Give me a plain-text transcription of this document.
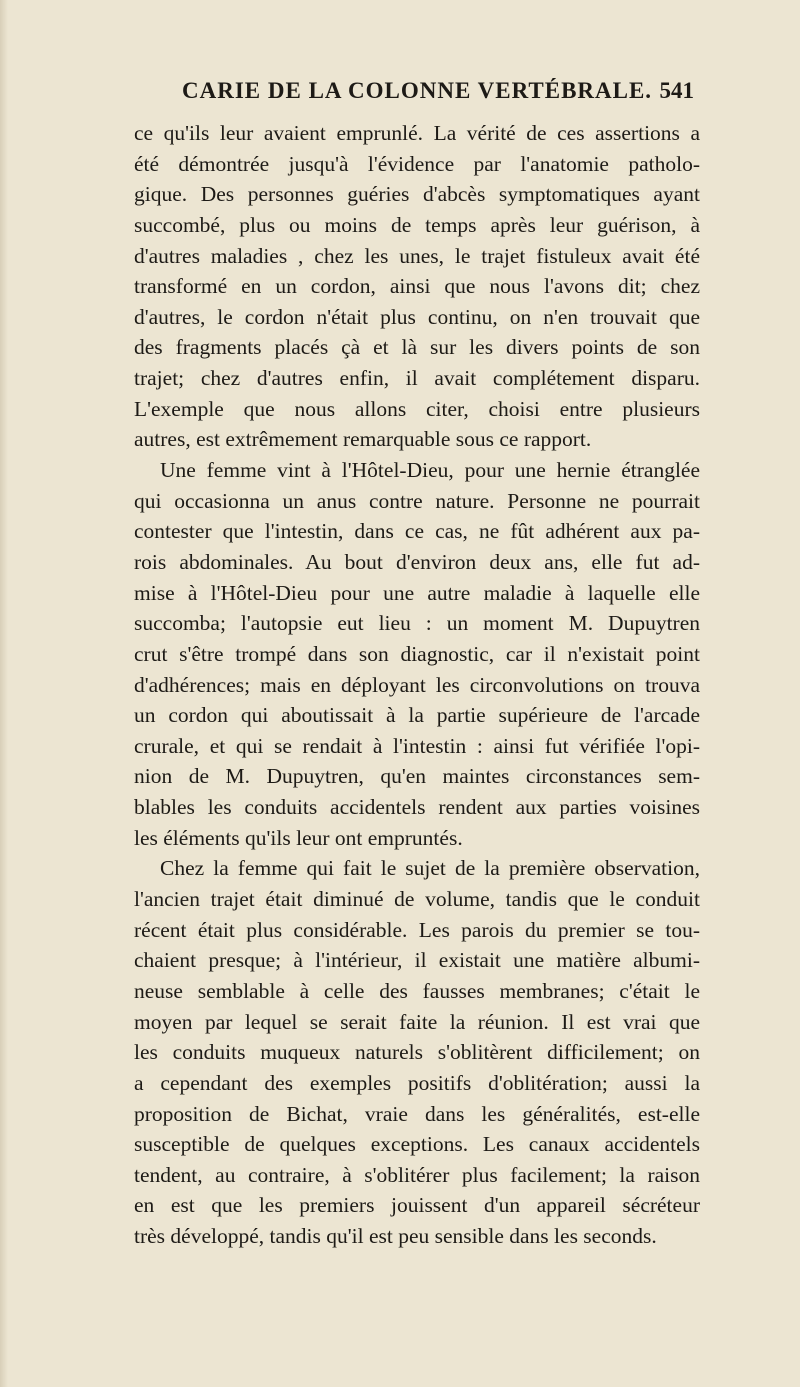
CARIE DE LA COLONNE VERTÉBRALE. 541
ce qu'ils leur avaient emprunlé. La vérité de ces assertions a
été démontrée jusqu'à l'évidence par l'anatomie patholo-
gique. Des personnes guéries d'abcès symptomatiques ayant
succombé, plus ou moins de temps après leur guérison, à
d'autres maladies , chez les unes, le trajet fistuleux avait été
transformé en un cordon, ainsi que nous l'avons dit; chez
d'autres, le cordon n'était plus continu, on n'en trouvait que
des fragments placés çà et là sur les divers points de son
trajet; chez d'autres enfin, il avait complétement disparu.
L'exemple que nous allons citer, choisi entre plusieurs
autres, est extrêmement remarquable sous ce rapport.
Une femme vint à l'Hôtel-Dieu, pour une hernie étranglée
qui occasionna un anus contre nature. Personne ne pourrait
contester que l'intestin, dans ce cas, ne fût adhérent aux pa-
rois abdominales. Au bout d'environ deux ans, elle fut ad-
mise à l'Hôtel-Dieu pour une autre maladie à laquelle elle
succomba; l'autopsie eut lieu : un moment M. Dupuytren
crut s'être trompé dans son diagnostic, car il n'existait point
d'adhérences; mais en déployant les circonvolutions on trouva
un cordon qui aboutissait à la partie supérieure de l'arcade
crurale, et qui se rendait à l'intestin : ainsi fut vérifiée l'opi-
nion de M. Dupuytren, qu'en maintes circonstances sem-
blables les conduits accidentels rendent aux parties voisines
les éléments qu'ils leur ont empruntés.
Chez la femme qui fait le sujet de la première observation,
l'ancien trajet était diminué de volume, tandis que le conduit
récent était plus considérable. Les parois du premier se tou-
chaient presque; à l'intérieur, il existait une matière albumi-
neuse semblable à celle des fausses membranes; c'était le
moyen par lequel se serait faite la réunion. Il est vrai que
les conduits muqueux naturels s'oblitèrent difficilement; on
a cependant des exemples positifs d'oblitération; aussi la
proposition de Bichat, vraie dans les généralités, est-elle
susceptible de quelques exceptions. Les canaux accidentels
tendent, au contraire, à s'oblitérer plus facilement; la raison
en est que les premiers jouissent d'un appareil sécréteur
très développé, tandis qu'il est peu sensible dans les seconds.
